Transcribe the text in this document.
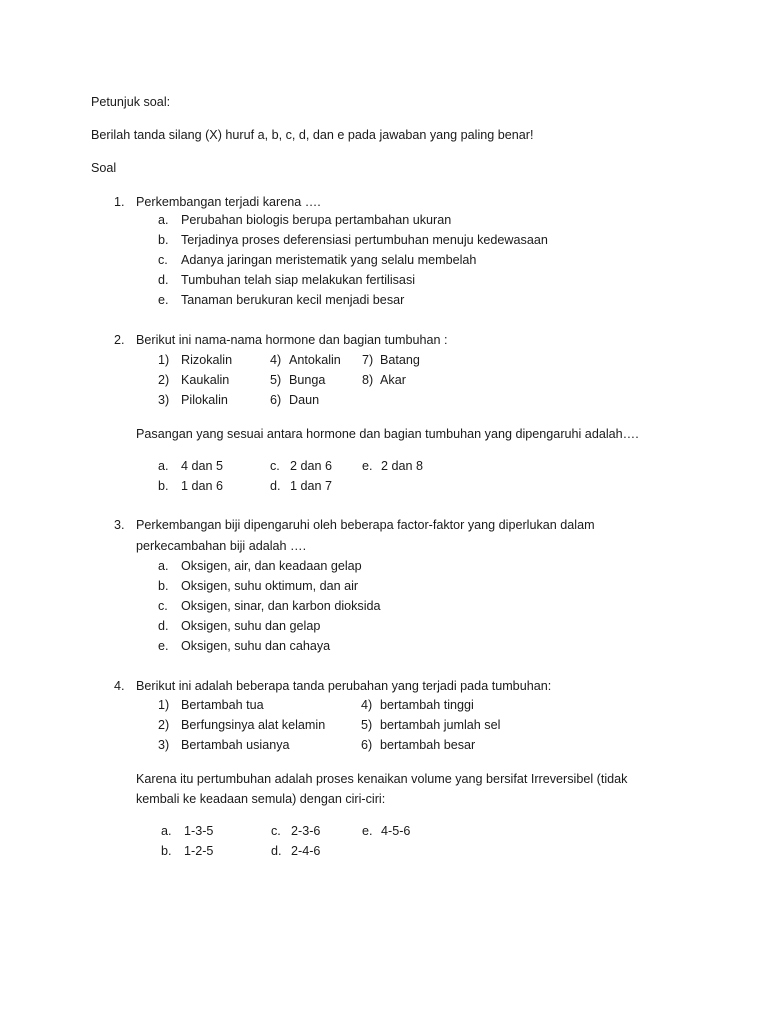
Petunjuk soal:
Berilah tanda silang (X) huruf a, b, c, d, dan e pada jawaban yang paling benar!
Soal
1. Perkembangan terjadi karena ….
a. Perubahan biologis berupa pertambahan ukuran
b. Terjadinya proses deferensiasi pertumbuhan menuju kedewasaan
c. Adanya jaringan meristematik yang selalu membelah
d. Tumbuhan telah siap melakukan fertilisasi
e. Tanaman berukuran kecil menjadi besar
2. Berikut ini nama-nama hormone dan bagian tumbuhan :
1) Rizokalin	4) Antokalin 7) Batang
2) Kaukalin	5) Bunga	8) Akar
3) Pilokalin	6) Daun
Pasangan yang sesuai antara hormone dan bagian tumbuhan yang dipengaruhi adalah….
a. 4 dan 5	c. 2 dan 6 e. 2 dan 8
b. 1 dan 6	d. 1 dan 7
3. Perkembangan biji dipengaruhi oleh beberapa factor-faktor yang diperlukan dalam
perkecambahan biji adalah ….
a. Oksigen, air, dan keadaan gelap
b. Oksigen, suhu oktimum, dan air
c. Oksigen, sinar, dan karbon dioksida
d. Oksigen, suhu dan gelap
e. Oksigen, suhu dan cahaya
4. Berikut ini adalah beberapa tanda perubahan yang terjadi pada tumbuhan:
1) Bertambah tua	4) bertambah tinggi
2) Berfungsinya alat kelamin	5) bertambah jumlah sel
3) Bertambah usianya	6) bertambah besar
Karena itu pertumbuhan adalah proses kenaikan volume yang bersifat Irreversibel (tidak
kembali ke keadaan semula) dengan ciri-ciri:
a. 1-3-5	c. 2-3-6	e. 4-5-6
b. 1-2-5	d. 2-4-6
